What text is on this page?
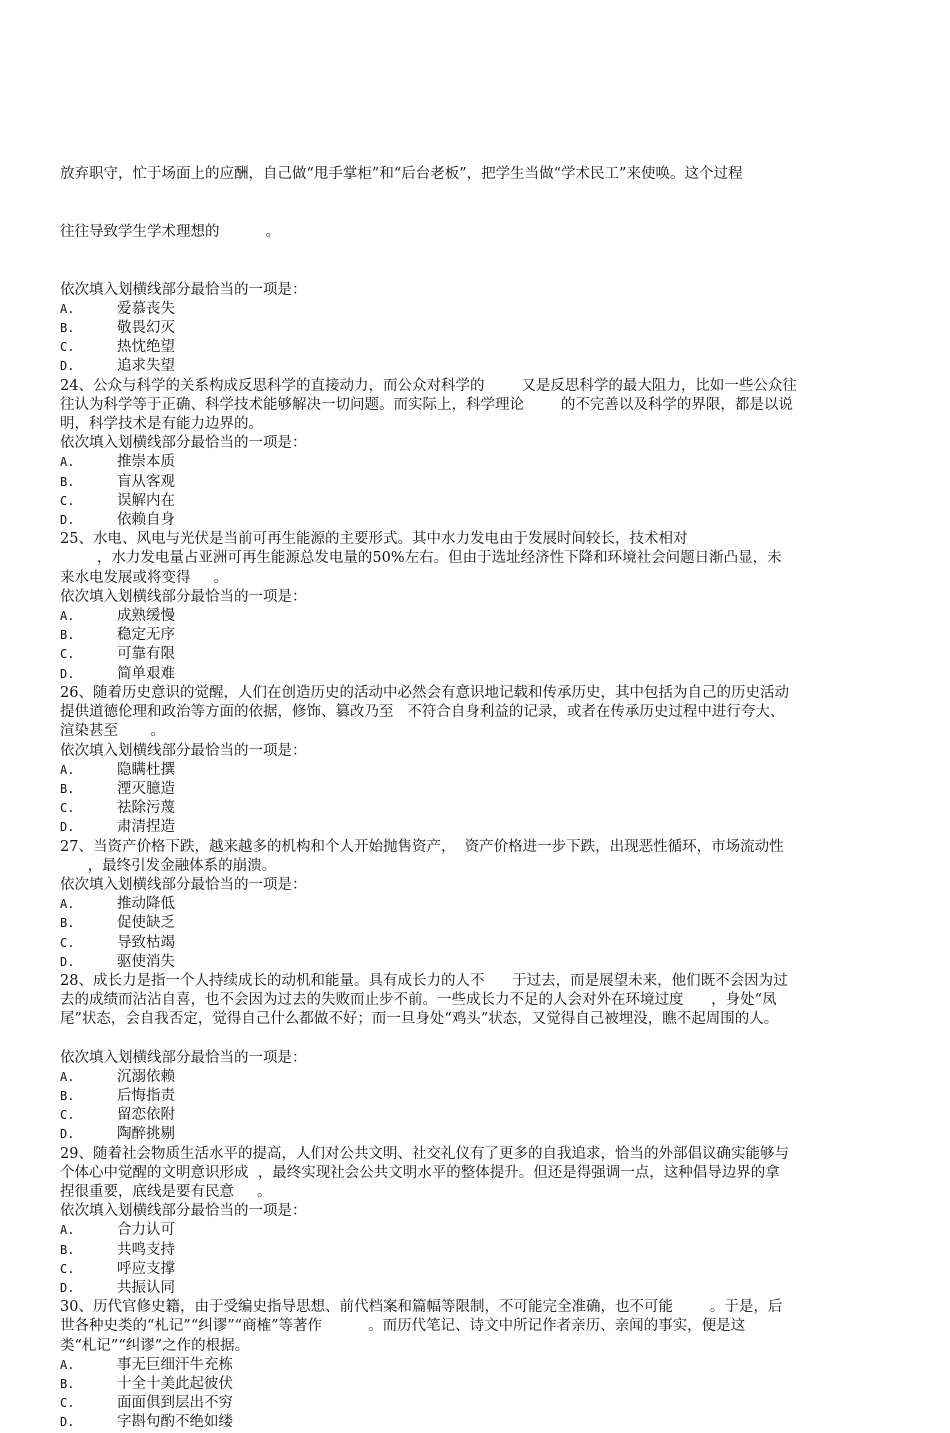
放弃职守，忙于场面上的应酬，自己做“甩手掌柜”和“后台老板”，把学生当做“学术民工”来使唤。这个过程

往往导致学生学术理想的          。

依次填入划横线部分最恰当的一项是：
A.	爱慕丧失
B.	敬畏幻灭
C.	热忱绝望
D.	追求失望

24、公众与科学的关系构成反思科学的直接动力，而公众对科学的        又是反思科学的最大阻力，比如一些公众往
往认为科学等于正确、科学技术能够解决一切问题。而实际上，科学理论        的不完善以及科学的界限，都是以说
明，科学技术是有能力边界的。

依次填入划横线部分最恰当的一项是：
A.	推崇本质
B.	盲从客观
C.	误解内在
D.	依赖自身

25、水电、风电与光伏是当前可再生能源的主要形式。其中水力发电由于发展时间较长，技术相对
，水力发电量占亚洲可再生能源总发电量的50%左右。但由于选址经济性下降和环境社会问题日渐凸显，未
来水电发展或将变得     。

依次填入划横线部分最恰当的一项是：
A.	成熟缓慢
B.	稳定无序
C.	可靠有限
D.	简单艰难

26、随着历史意识的觉醒，人们在创造历史的活动中必然会有意识地记载和传承历史，其中包括为自己的历史活动
提供道德伦理和政治等方面的依据，修饰、篡改乃至   不符合自身利益的记录，或者在传承历史过程中进行夸大、
渲染甚至       。

依次填入划横线部分最恰当的一项是：
A.	隐瞒杜撰
B.	湮灭臆造
C.	祛除污蔑
D.	肃清捏造

27、当资产价格下跌，越来越多的机构和个人开始抛售资产，  资产价格进一步下跌，出现恶性循环，市场流动性
，最终引发金融体系的崩溃。

依次填入划横线部分最恰当的一项是：
A.	推动降低
B.	促使缺乏
C.	导致枯竭
D.	驱使消失

28、成长力是指一个人持续成长的动机和能量。具有成长力的人不      于过去，而是展望未来，他们既不会因为过
去的成绩而沾沾自喜，也不会因为过去的失败而止步不前。一些成长力不足的人会对外在环境过度      ，身处“凤
尾”状态，会自我否定，觉得自己什么都做不好；而一旦身处“鸡头”状态，又觉得自己被埋没，瞧不起周围的人。

依次填入划横线部分最恰当的一项是：
A.	沉溺依赖
B.	后悔指责
C.	留恋依附
D.	陶醉挑剔

29、随着社会物质生活水平的提高，人们对公共文明、社交礼仪有了更多的自我追求，恰当的外部倡议确实能够与
个体心中觉醒的文明意识形成  ，最终实现社会公共文明水平的整体提升。但还是得强调一点，这种倡导边界的拿
捏很重要，底线是要有民意     。

依次填入划横线部分最恰当的一项是：
A.	合力认可
B.	共鸣支持
C.	呼应支撑
D.	共振认同

30、历代官修史籍，由于受编史指导思想、前代档案和篇幅等限制，不可能完全准确，也不可能        。于是，后
世各种史类的“札记”“纠谬”“商榷”等著作          。而历代笔记、诗文中所记作者亲历、亲闻的事实，便是这
类“札记”“纠谬”之作的根据。

A.	事无巨细汗牛充栋
B.	十全十美此起彼伏
C.	面面俱到层出不穷
D.	字斟句酌不绝如缕
